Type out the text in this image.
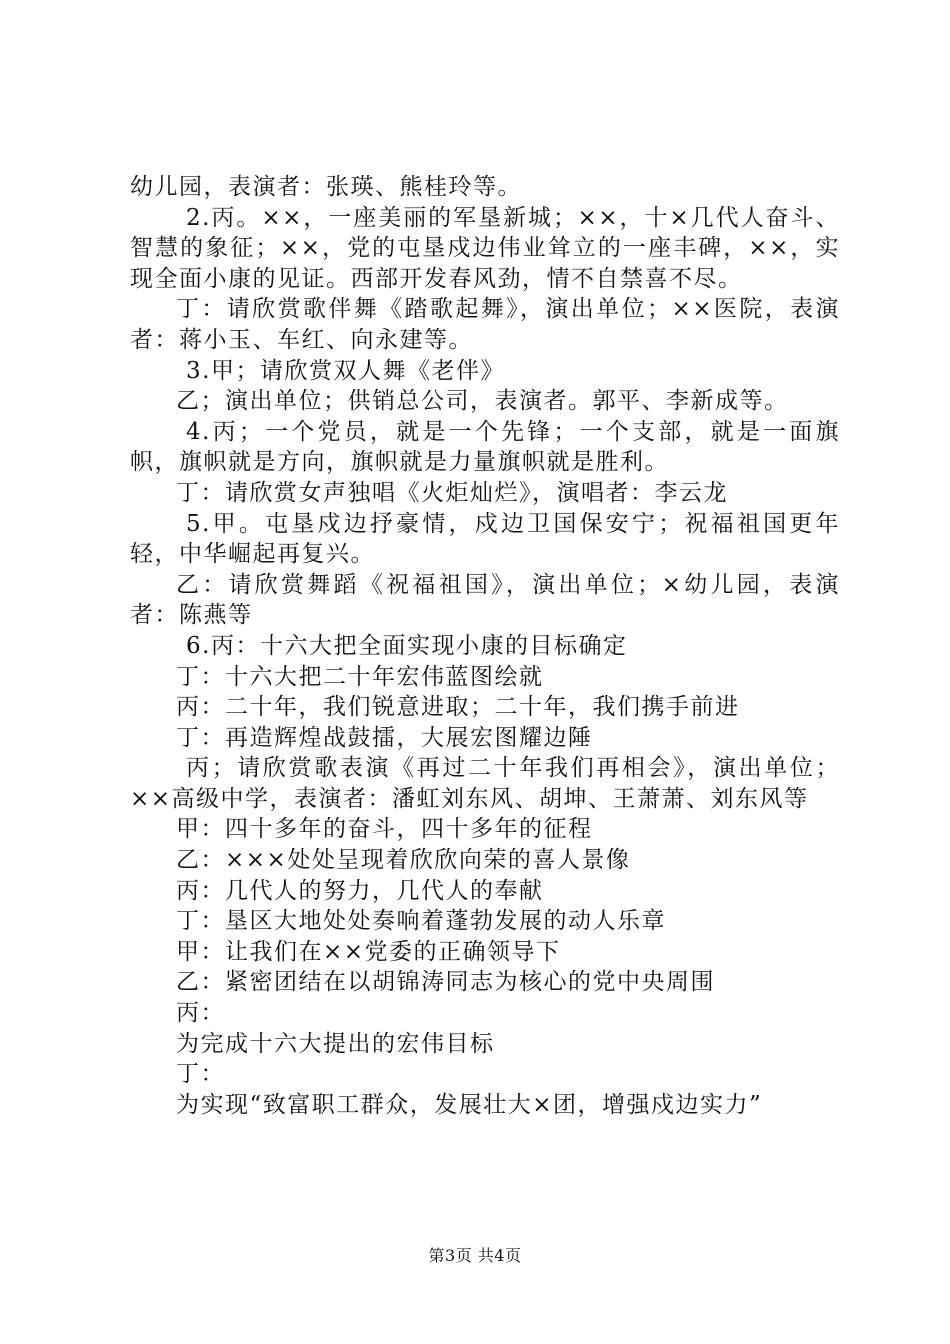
幼儿园，表演者：张瑛、熊桂玲等。

2.丙。××，一座美丽的军垦新城；××，十×几代人奋斗、智慧的象征；××，党的屯垦戍边伟业耸立的一座丰碑，××，实现全面小康的见证。西部开发春风劲，情不自禁喜不尽。

丁：请欣赏歌伴舞《踏歌起舞》，演出单位；××医院，表演者：蒋小玉、车红、向永建等。

3.甲；请欣赏双人舞《老伴》

乙；演出单位；供销总公司，表演者。郭平、李新成等。

4.丙；一个党员，就是一个先锋；一个支部，就是一面旗帜，旗帜就是方向，旗帜就是力量旗帜就是胜利。

丁：请欣赏女声独唱《火炬灿烂》，演唱者：李云龙

5.甲。屯垦戍边抒豪情，戍边卫国保安宁；祝福祖国更年轻，中华崛起再复兴。

乙：请欣赏舞蹈《祝福祖国》，演出单位；×幼儿园，表演者：陈燕等

6.丙：十六大把全面实现小康的目标确定

丁：十六大把二十年宏伟蓝图绘就

丙：二十年，我们锐意进取；二十年，我们携手前进

丁：再造辉煌战鼓擂，大展宏图耀边陲

丙；请欣赏歌表演《再过二十年我们再相会》，演出单位；××高级中学，表演者：潘虹刘东风、胡坤、王萧萧、刘东风等

甲：四十多年的奋斗，四十多年的征程

乙：×××处处呈现着欣欣向荣的喜人景像

丙：几代人的努力，几代人的奉献

丁：垦区大地处处奏响着蓬勃发展的动人乐章

甲：让我们在××党委的正确领导下

乙：紧密团结在以胡锦涛同志为核心的党中央周围

丙：

为完成十六大提出的宏伟目标

丁：

为实现“致富职工群众，发展壮大×团，增强戍边实力”

第3页 共4页
